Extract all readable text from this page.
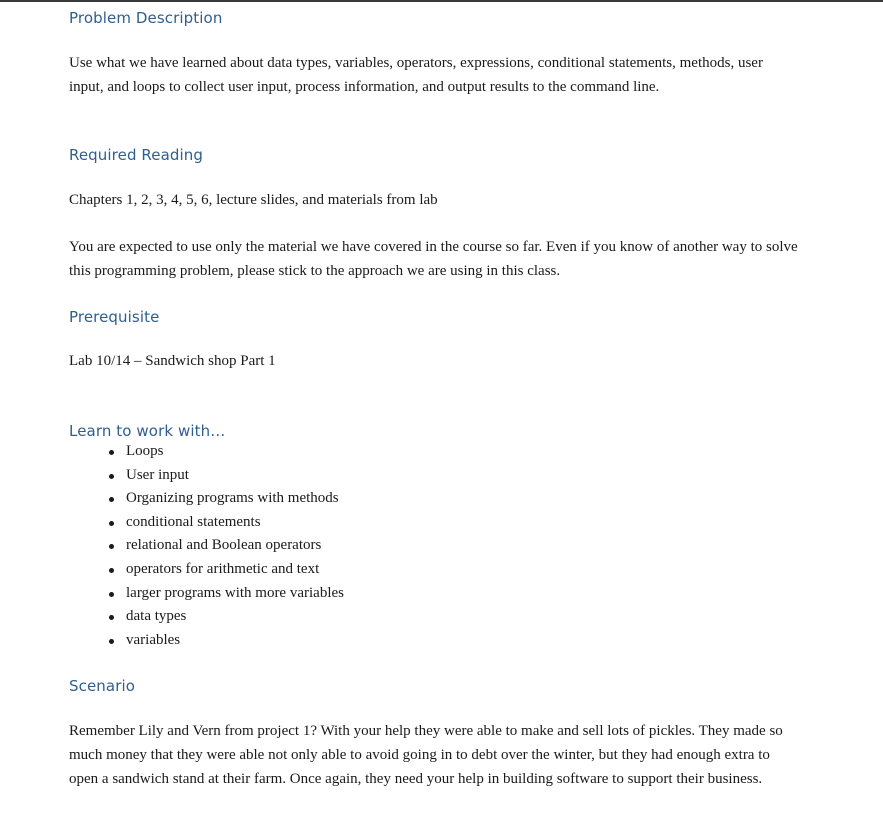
Problem Description

Use what we have learned about data types, variables, operators, expressions, conditional statements, methods, user input, and loops to collect user input, process information, and output results to the command line.

Required Reading

Chapters 1, 2, 3, 4, 5, 6, lecture slides, and materials from lab

You are expected to use only the material we have covered in the course so far. Even if you know of another way to solve this programming problem, please stick to the approach we are using in this class.

Prerequisite

Lab 10/14 – Sandwich shop Part 1

Learn to work with…
Loops
User input
Organizing programs with methods
conditional statements
relational and Boolean operators
operators for arithmetic and text
larger programs with more variables
data types
variables
Scenario

Remember Lily and Vern from project 1? With your help they were able to make and sell lots of pickles. They made so much money that they were able not only able to avoid going in to debt over the winter, but they had enough extra to open a sandwich stand at their farm. Once again, they need your help in building software to support their business.
